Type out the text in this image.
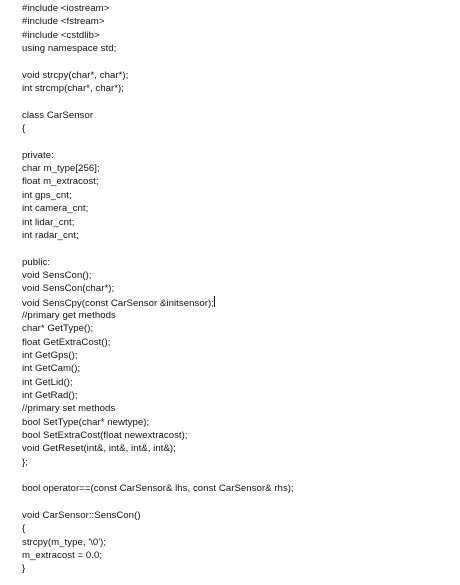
#include <iostream>
#include <fstream>
#include <cstdlib>
using namespace std;
void strcpy(char*, char*);
int strcmp(char*, char*);
class CarSensor
{
private:
char m_type[256];
float m_extracost;
int gps_cnt;
int camera_cnt;
int lidar_cnt;
int radar_cnt;
public:
void SensCon();
void SensCon(char*);
void SensCpy(const CarSensor &initsensor);
//primary get methods
char* GetType();
float GetExtraCost();
int GetGps();
int GetCam();
int GetLid();
int GetRad();
//primary set methods
bool SetType(char* newtype);
bool SetExtraCost(float newextracost);
void GetReset(int&, int&, int&, int&);
};
bool operator==(const CarSensor& lhs, const CarSensor& rhs);
void CarSensor::SensCon()
{
strcpy(m_type, '\0');
m_extracost = 0.0;
}
